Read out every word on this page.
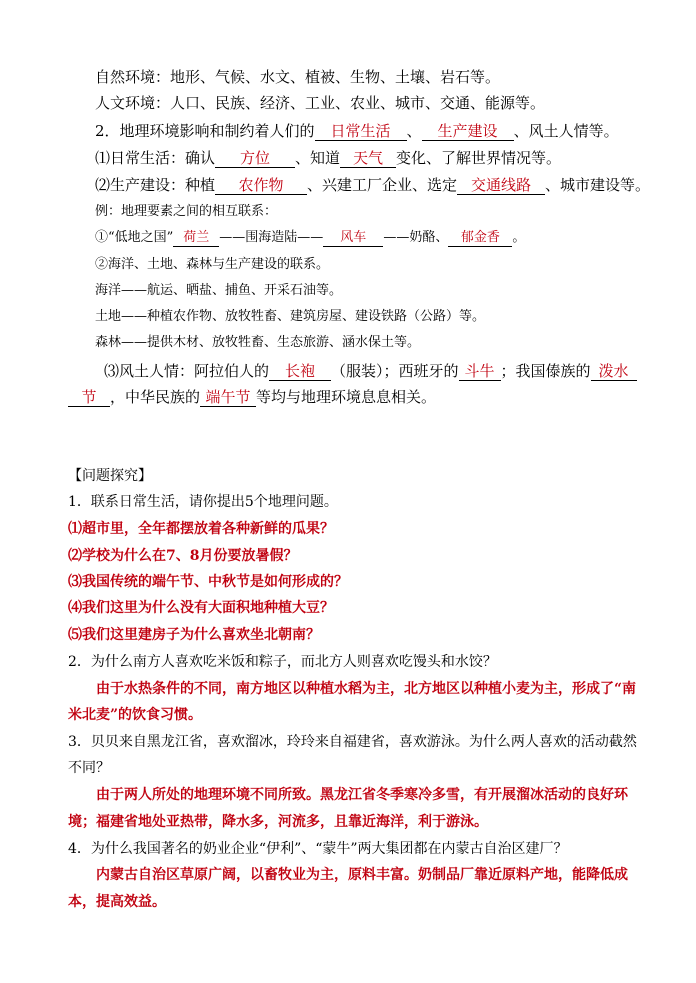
自然环境：地形、气候、水文、植被、生物、土壤、岩石等。
人文环境：人口、民族、经济、工业、农业、城市、交通、能源等。
2．地理环境影响和制约着人们的 日常生活 、 生产建设 、风土人情等。
⑴日常生活：确认 方位 、知道 天气 变化、了解世界情况等。
⑵生产建设：种植 农作物 、兴建工厂企业、选定 交通线路 、城市建设等。
例：地理要素之间的相互联系：
①“低地之国” 荷兰 ——围海造陆—— 风车 ——奶酪、 郁金香 。
②海洋、土地、森林与生产建设的联系。
海洋——航运、晒盐、捕鱼、开采石油等。
土地——种植农作物、放牧牲畜、建筑房屋、建设铁路（公路）等。
森林——提供木材、放牧牲畜、生态旅游、涵水保土等。
⑶风土人情：阿拉伯人的 长袍 （服装）；西班牙的 斗牛 ；我国傣族的 泼水
节 ，中华民族的 端午节 等均与地理环境息息相关。
【问题探究】
1．联系日常生活，请你提出5个地理问题。
⑴超市里，全年都摆放着各种新鲜的瓜果？
⑵学校为什么在7、8月份要放暑假？
⑶我国传统的端午节、中秋节是如何形成的？
⑷我们这里为什么没有大面积地种植大豆？
⑸我们这里建房子为什么喜欢坐北朝南？
2．为什么南方人喜欢吃米饭和粽子，而北方人则喜欢吃馒头和水饺？
由于水热条件的不同，南方地区以种植水稻为主，北方地区以种植小麦为主，形成了“南
米北麦”的饮食习惯。
3．贝贝来自黑龙江省，喜欢溜冰，玲玲来自福建省，喜欢游泳。为什么两人喜欢的活动截然
不同？
由于两人所处的地理环境不同所致。黑龙江省冬季寒冷多雪，有开展溜冰活动的良好环
境；福建省地处亚热带，降水多，河流多，且靠近海洋，利于游泳。
4．为什么我国著名的奶业企业“伊利”、“蒙牛”两大集团都在内蒙古自治区建厂？
内蒙古自治区草原广阔，以畜牧业为主，原料丰富。奶制品厂靠近原料产地，能降低成
本，提高效益。
